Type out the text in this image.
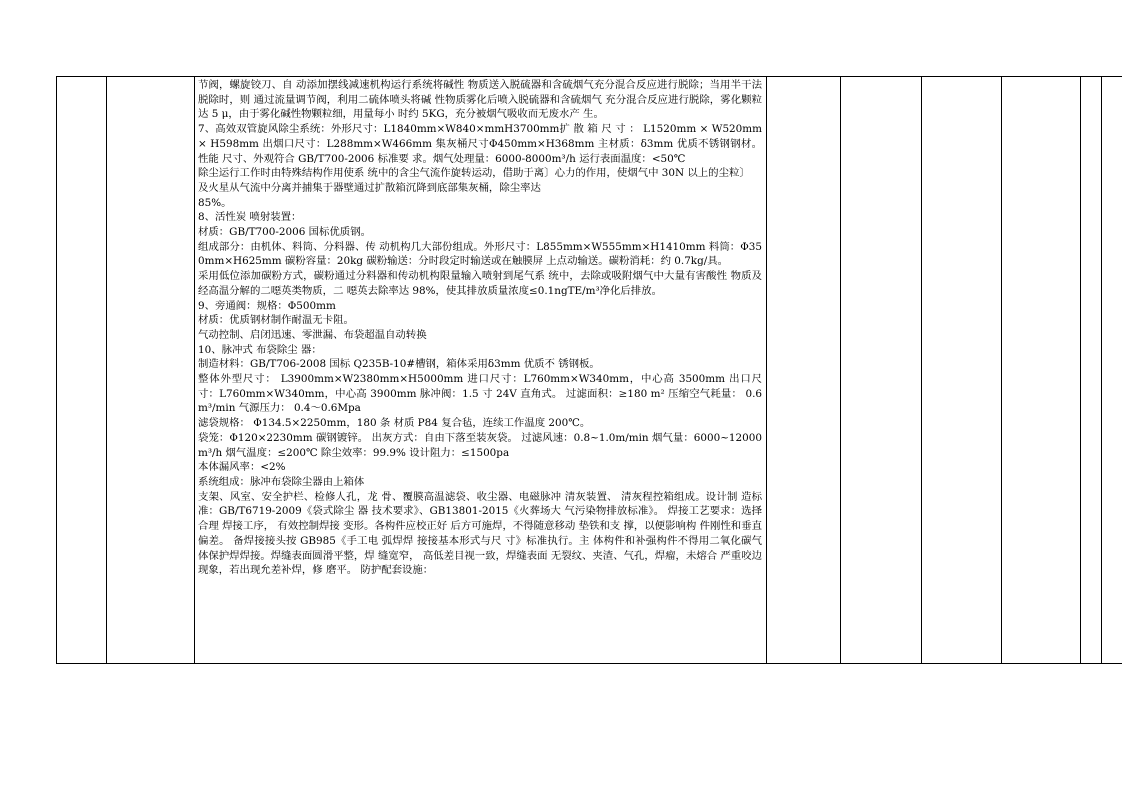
节阀，螺旋铰刀、自 动添加摆线减速机构运行系统将碱性 物质送入脱硫器和含硫烟气充分混合反应进行脱除；当用半干法脱除时，则 通过流量调节阀，利用二硫体喷头将碱 性物质雾化后喷入脱硫器和含硫烟气 充分混合反应进行脱除，雾化颗粒达 5 μ，由于雾化碱性物颗粒细，用量每小 时约 5KG，充分被烟气吸收而无废水产 生。

7、高效双管旋风除尘系统：外形尺寸：L1840mm×W840×mmH3700mm扩 散 箱 尺 寸 ： L1520mm × W520mm × H598mm 出烟口尺寸：L288mm×W466mm 集灰桶尺寸Φ450mm×H368mm 主材质：δ3mm 优质不锈钢钢材。性能 尺寸、外观符合 GB/T700-2006 标准要 求。烟气处理量：6000-8000m³/h 运行表面温度：<50℃

除尘运行工作时由特殊结构作用使系 统中的含尘气流作旋转运动，借助于离〕心力的作用，使烟气中 30N 以上的尘粒〕

及火星从气流中分离并捕集于器壁通过扩散箱沉降到底部集灰桶，除尘率达

85%。

8、活性炭 喷射装置：

材质：GB/T700-2006 国标优质钢。

组成部分：由机体、料筒、分料器、传 动机构几大部份组成。外形尺寸：L855mm×W555mm×H1410mm 料筒：Φ350mm×H625mm 碳粉容量：20kg 碳粉输送：分时段定时输送或在触膜屏 上点动输送。碳粉消耗：约 0.7kg/具。

采用低位添加碳粉方式，碳粉通过分料器和传动机构限量输入喷射到尾气系 统中，去除或吸附烟气中大量有害酸性 物质及经高温分解的二噁英类物质，二 噁英去除率达 98%，使其排放质量浓度≤0.1ngTE/m³净化后排放。

9、旁通阀：规格：Φ500mm

材质：优质钢材制作耐温无卡阻。

气动控制、启闭迅速、零泄漏、布袋超温自动转换

10、脉冲式 布袋除尘 器：

制造材料：GB/T706-2008 国标 Q235B-10#槽钢，箱体采用δ3mm 优质不 锈钢板。

整体外型尺寸： L3900mm×W2380mm×H5000mm 进口尺寸：L760mm×W340mm，中心高 3500mm 出口尺寸：L760mm×W340mm，中心高 3900mm 脉冲阀：1.5 寸 24V 直角式。 过滤面积：≥180 m² 压缩空气耗量： 0.6m³/min 气源压力： 0.4～0.6Mpa

滤袋规格： Φ134.5×2250mm，180 条 材质 P84 复合毡，连续工作温度 200℃。

袋笼：Φ120×2230mm 碳钢镀锌。 出灰方式：自由下落至装灰袋。 过滤风速：0.8~1.0m/min 烟气量：6000~12000m³/h 烟气温度：≤200℃ 除尘效率：99.9% 设计阻力：≤1500pa

本体漏风率：<2%

系统组成：脉冲布袋除尘器由上箱体

支架、风室、安全护栏、检修人孔，龙 骨、覆膜高温滤袋、收尘器、电磁脉冲 清灰装置、 清灰程控箱组成。设计制 造标准：GB/T6719-2009《袋式除尘 器 技术要求》、GB13801-2015《火葬场大 气污染物排放标准》。 焊接工艺要求：选择合理 焊接工序， 有效控制焊接 变形。各构件应校正好 后方可施焊，不得随意移动 垫铁和支 撑，以便影响构 件刚性和垂直偏差。 备焊接接头按 GB985《手工电 弧焊焊 接接基本形式与尺 寸》标准执行。主 体构件和补强构件不得用二氧化碳气 体保护焊焊接。焊缝表面圆滑平整，焊 缝宽窄， 高低差目视一致，焊缝表面 无裂纹、夹渣、气孔，焊瘤，未熔合 严重咬边现象，若出现允差补焊，修 磨平。 防护配套设施：
